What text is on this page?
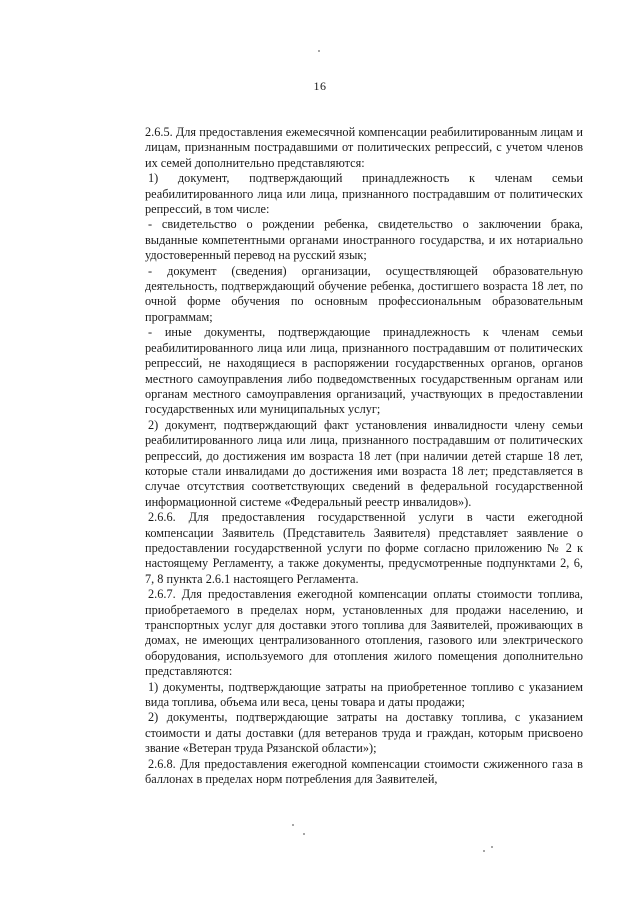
16

2.6.5. Для предоставления ежемесячной компенсации реабилитированным лицам и лицам, признанным пострадавшими от политических репрессий, с учетом членов их семей дополнительно представляются:

1) документ, подтверждающий принадлежность к членам семьи реабилитированного лица или лица, признанного пострадавшим от политических репрессий, в том числе:

- свидетельство о рождении ребенка, свидетельство о заключении брака, выданные компетентными органами иностранного государства, и их нотариально удостоверенный перевод на русский язык;

- документ (сведения) организации, осуществляющей образовательную деятельность, подтверждающий обучение ребенка, достигшего возраста 18 лет, по очной форме обучения по основным профессиональным образовательным программам;

- иные документы, подтверждающие принадлежность к членам семьи реабилитированного лица или лица, признанного пострадавшим от политических репрессий, не находящиеся в распоряжении государственных органов, органов местного самоуправления либо подведомственных государственным органам или органам местного самоуправления организаций, участвующих в предоставлении государственных или муниципальных услуг;

2) документ, подтверждающий факт установления инвалидности члену семьи реабилитированного лица или лица, признанного пострадавшим от политических репрессий, до достижения им возраста 18 лет (при наличии детей старше 18 лет, которые стали инвалидами до достижения ими возраста 18 лет; представляется в случае отсутствия соответствующих сведений в федеральной государственной информационной системе «Федеральный реестр инвалидов»).

2.6.6. Для предоставления государственной услуги в части ежегодной компенсации Заявитель (Представитель Заявителя) представляет заявление о предоставлении государственной услуги по форме согласно приложению № 2 к настоящему Регламенту, а также документы, предусмотренные подпунктами 2, 6, 7, 8 пункта 2.6.1 настоящего Регламента.

2.6.7. Для предоставления ежегодной компенсации оплаты стоимости топлива, приобретаемого в пределах норм, установленных для продажи населению, и транспортных услуг для доставки этого топлива для Заявителей, проживающих в домах, не имеющих централизованного отопления, газового или электрического оборудования, используемого для отопления жилого помещения дополнительно представляются:

1) документы, подтверждающие затраты на приобретенное топливо с указанием вида топлива, объема или веса, цены товара и даты продажи;

2) документы, подтверждающие затраты на доставку топлива, с указанием стоимости и даты доставки (для ветеранов труда и граждан, которым присвоено звание «Ветеран труда Рязанской области»);

2.6.8. Для предоставления ежегодной компенсации стоимости сжиженного газа в баллонах в пределах норм потребления для Заявителей,
